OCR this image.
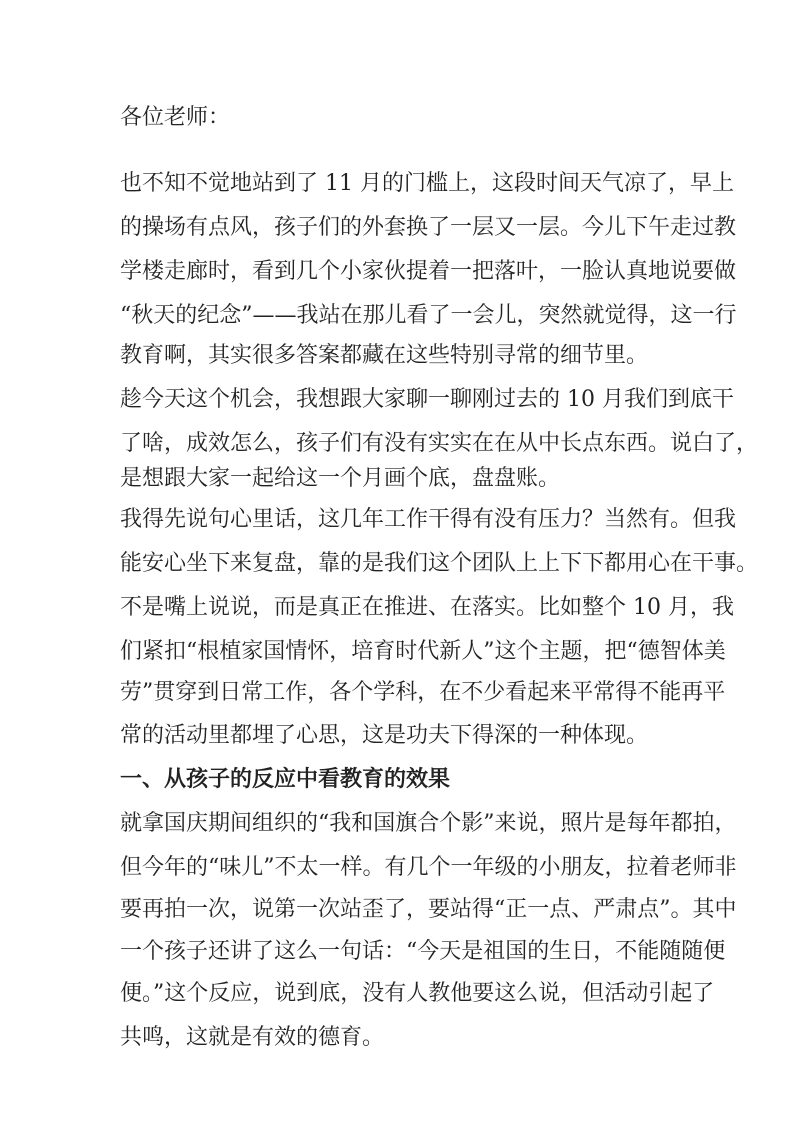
各位老师：
也不知不觉地站到了 11 月的门槛上，这段时间天气凉了，早上
的操场有点风，孩子们的外套换了一层又一层。今儿下午走过教
学楼走廊时，看到几个小家伙提着一把落叶，一脸认真地说要做
“秋天的纪念”——我站在那儿看了一会儿，突然就觉得，这一行
教育啊，其实很多答案都藏在这些特别寻常的细节里。
趁今天这个机会，我想跟大家聊一聊刚过去的 10 月我们到底干
了啥，成效怎么，孩子们有没有实实在在从中长点东西。说白了，
是想跟大家一起给这一个月画个底，盘盘账。
我得先说句心里话，这几年工作干得有没有压力？当然有。但我
能安心坐下来复盘，靠的是我们这个团队上上下下都用心在干事。
不是嘴上说说，而是真正在推进、在落实。比如整个 10 月，我
们紧扣“根植家国情怀，培育时代新人”这个主题，把“德智体美
劳”贯穿到日常工作，各个学科，在不少看起来平常得不能再平
常的活动里都埋了心思，这是功夫下得深的一种体现。
一、从孩子的反应中看教育的效果
就拿国庆期间组织的“我和国旗合个影”来说，照片是每年都拍，
但今年的“味儿”不太一样。有几个一年级的小朋友，拉着老师非
要再拍一次，说第一次站歪了，要站得“正一点、严肃点”。其中
一个孩子还讲了这么一句话：“今天是祖国的生日，不能随随便
便。”这个反应，说到底，没有人教他要这么说，但活动引起了
共鸣，这就是有效的德育。
